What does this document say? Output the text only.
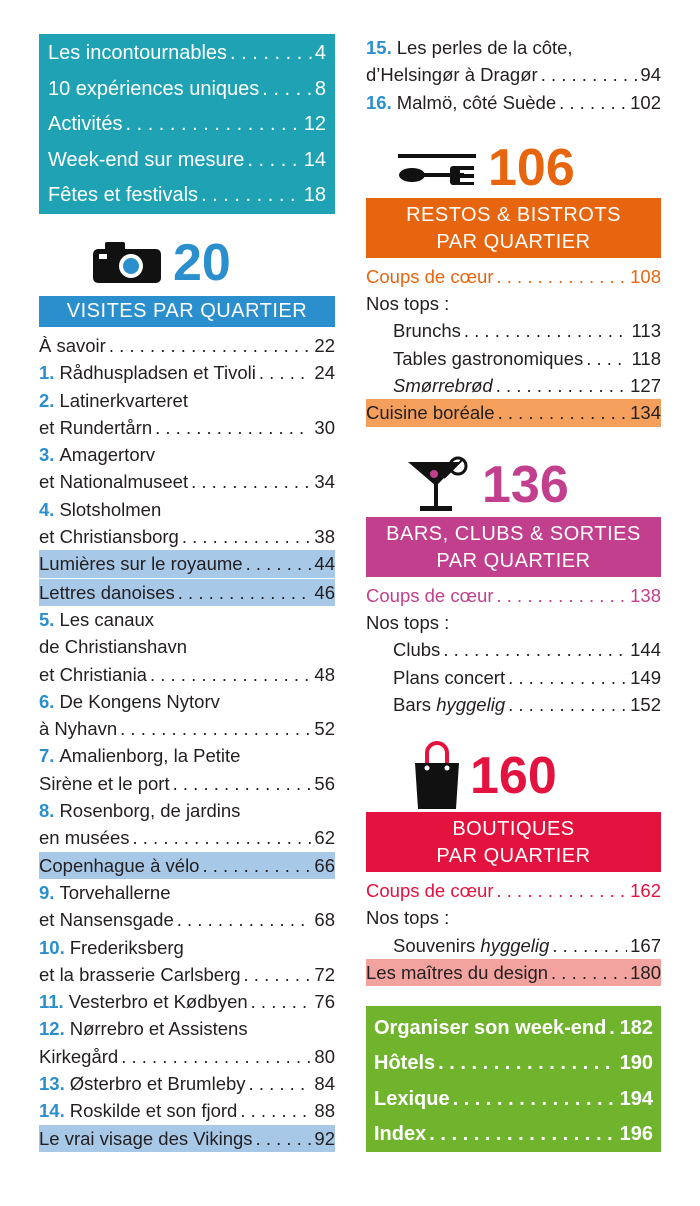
Les incontournables . . .	4
10 expériences uniques . . .	8
Activités . . .	12
Week-end sur mesure . . .	14
Fêtes et festivals . . .	18
20
VISITES PAR QUARTIER
À savoir . . .	22
1. Rådhuspladsen et Tivoli . . .	24
2. Latinerkvarteret
et Rundertårn . . .	30
3. Amagertorv
et Nationalmuseet . . .	34
4. Slotsholmen
et Christiansborg . . .	38
Lumières sur le royaume . . .	44
Lettres danoises . . .	46
5. Les canaux
de Christianshavn
et Christiania . . .	48
6. De Kongens Nytorv
à Nyhavn . . .	52
7. Amalienborg, la Petite
Sirène et le port . . .	56
8. Rosenborg, de jardins
en musées . . .	62
Copenhague à vélo . . .	66
9. Torvehallerne
et Nansensgade . . .	68
10. Frederiksberg
et la brasserie Carlsberg . . .	72
11. Vesterbro et Kødbyen . . .	76
12. Nørrebro et Assistens
Kirkegård . . .	80
13. Østerbro et Brumleby . . .	84
14. Roskilde et son fjord . . .	88
Le vrai visage des Vikings . . .	92
15. Les perles de la côte,
d’Helsingør à Dragør . . .	94
16. Malmö, côté Suède . . .	102
106
RESTOS & BISTROTS
PAR QUARTIER
Coups de cœur . . .	108
Nos tops :
Brunchs . . .	113
Tables gastronomiques . . .	118
Smørrebrød . . .	127
Cuisine boréale . . .	134
136
BARS, CLUBS & SORTIES
PAR QUARTIER
Coups de cœur . . .	138
Nos tops :
Clubs . . .	144
Plans concert . . .	149
Bars hyggelig . . .	152
160
BOUTIQUES
PAR QUARTIER
Coups de cœur . . .	162
Nos tops :
Souvenirs hyggelig . . .	167
Les maîtres du design . . .	180
Organiser son week-end . . . 182
Hôtels . . .	190
Lexique . . .	194
Index . . .	196
